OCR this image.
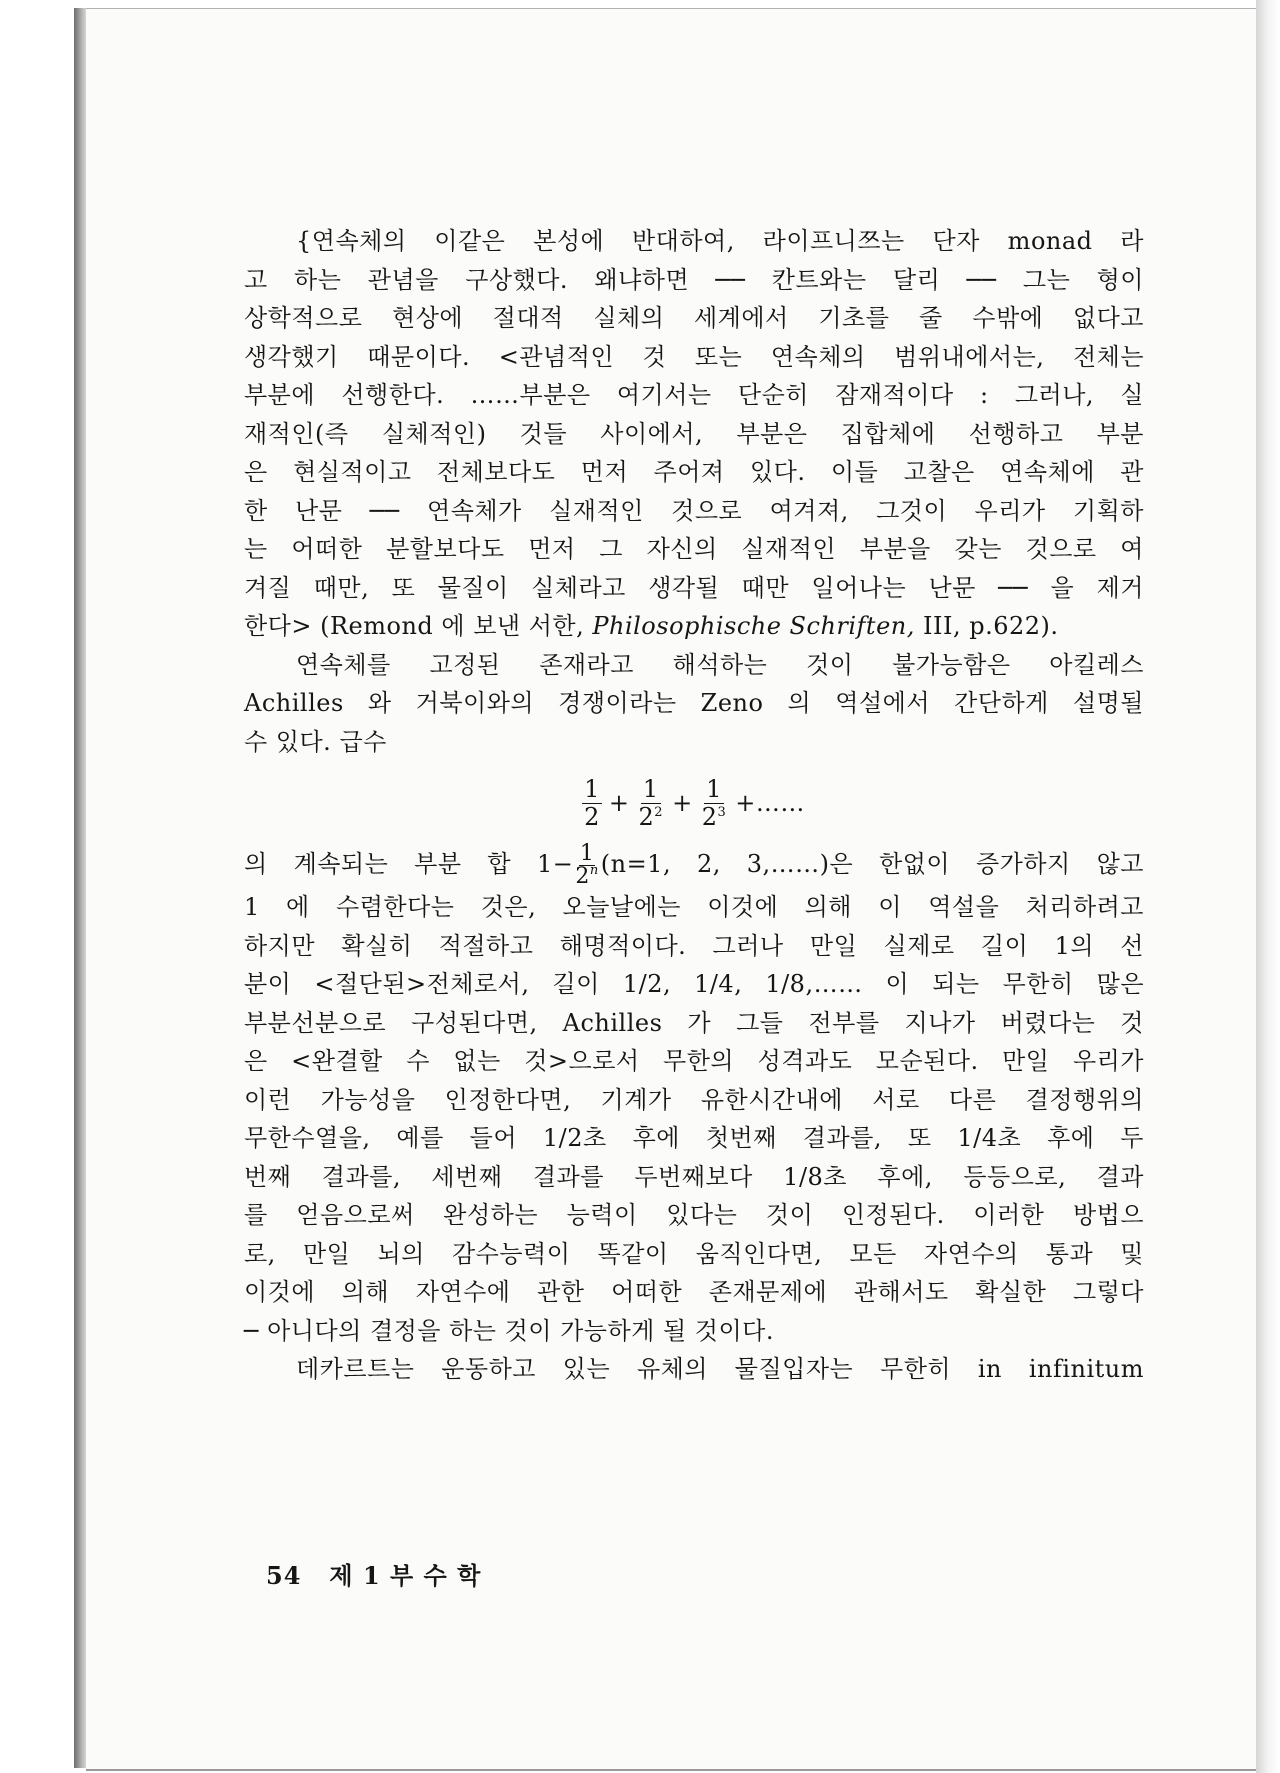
{연속체의 이같은 본성에 반대하여, 라이프니쯔는 단자 monad 라

고 하는 관념을 구상했다. 왜냐하면 ── 칸트와는 달리 ── 그는 형이

상학적으로 현상에 절대적 실체의 세계에서 기초를 줄 수밖에 없다고

생각했기 때문이다. <관념적인 것 또는 연속체의 범위내에서는, 전체는

부분에 선행한다. ……부분은 여기서는 단순히 잠재적이다 : 그러나, 실

재적인(즉 실체적인) 것들 사이에서, 부분은 집합체에 선행하고 부분

은 현실적이고 전체보다도 먼저 주어져 있다. 이들 고찰은 연속체에 관

한 난문 ── 연속체가 실재적인 것으로 여겨져, 그것이 우리가 기획하

는 어떠한 분할보다도 먼저 그 자신의 실재적인 부분을 갖는 것으로 여

겨질 때만, 또 물질이 실체라고 생각될 때만 일어나는 난문 ── 을 제거

한다> (Remond 에 보낸 서한, Philosophische Schriften, III, p.622).

연속체를 고정된 존재라고 해석하는 것이 불가능함은 아킬레스

Achilles 와 거북이와의 경쟁이라는 Zeno 의 역설에서 간단하게 설명될

수 있다. 급수

$\frac{1}{2} + \frac{1}{2^2} + \frac{1}{2^3}$ +……

의 계속되는 부분 합 $1- \frac{1}{2^n} (n=1$, 2, 3,……)은 한없이 증가하지 않고

1 에 수렴한다는 것은, 오늘날에는 이것에 의해 이 역설을 처리하려고

하지만 확실히 적절하고 해명적이다. 그러나 만일 실제로 길이 1의 선

분이 <절단된>전체로서, 길이 1/2, 1/4, 1/8,…… 이 되는 무한히 많은

부분선분으로 구성된다면, Achilles 가 그들 전부를 지나가 버렸다는 것

은 <완결할 수 없는 것>으로서 무한의 성격과도 모순된다. 만일 우리가

이런 가능성을 인정한다면, 기계가 유한시간내에 서로 다른 결정행위의

무한수열을, 예를 들어 1/2초 후에 첫번째 결과를, 또 1/4초 후에 두

번째 결과를, 세번째 결과를 두번째보다 1/8초 후에, 등등으로, 결과

를 얻음으로써 완성하는 능력이 있다는 것이 인정된다. 이러한 방법으

로, 만일 뇌의 감수능력이 똑같이 움직인다면, 모든 자연수의 통과 및

이것에 의해 자연수에 관한 어떠한 존재문제에 관해서도 확실한 그렇다

─ 아니다의 결정을 하는 것이 가능하게 될 것이다.

데카르트는 운동하고 있는 유체의 물질입자는 무한히 in infinitum

54 제 1 부 수 학
